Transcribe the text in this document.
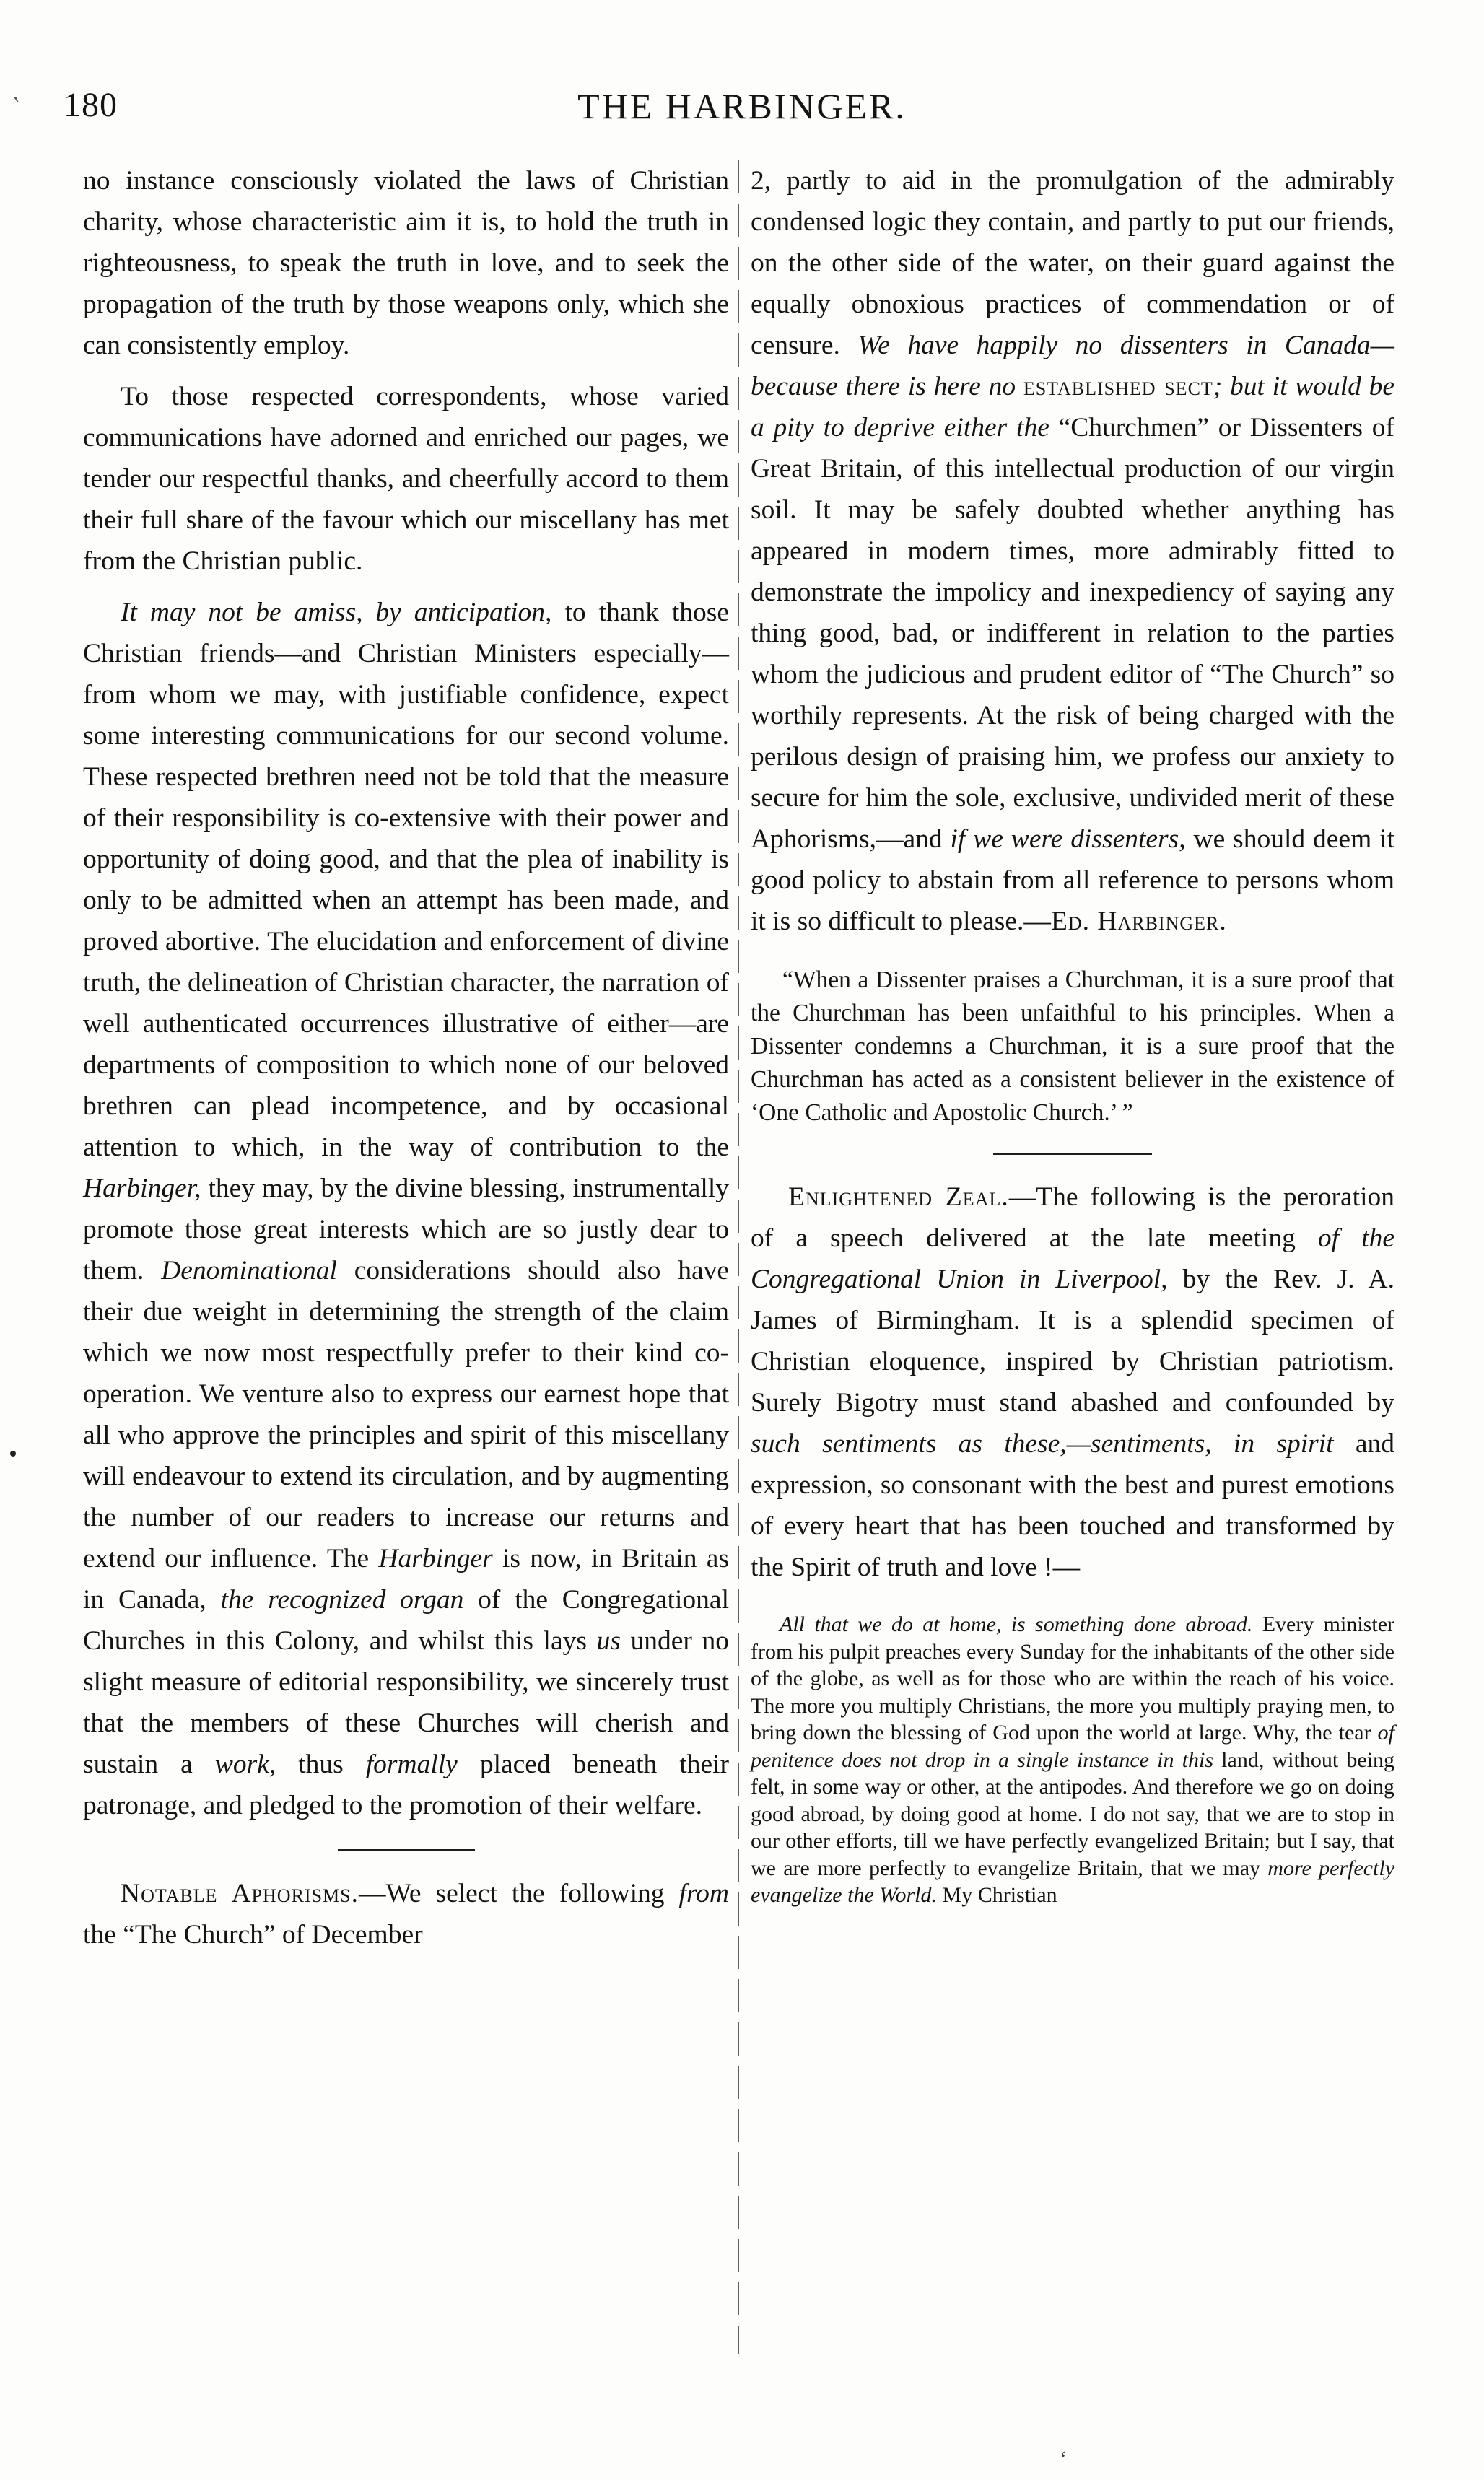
‵ 180	THE HARBINGER.

no instance consciously violated the laws of Christian charity, whose characteristic aim it is, to hold the truth in righteousness, to speak the truth in love, and to seek the propagation of the truth by those weapons only, which she can consistently employ.

To those respected correspondents, whose varied communications have adorned and enriched our pages, we tender our respectful thanks, and cheerfully accord to them their full share of the favour which our miscellany has met from the Christian public.

It may not be amiss, by anticipation, to thank those Christian friends—and Christian Ministers especially—from whom we may, with justifiable confidence, expect some interesting communications for our second volume. These respected brethren need not be told that the measure of their responsibility is co-extensive with their power and opportunity of doing good, and that the plea of inability is only to be admitted when an attempt has been made, and proved abortive. The elucidation and enforcement of divine truth, the delineation of Christian character, the narration of well authenticated occurrences illustrative of either—are departments of composition to which none of our beloved brethren can plead incompetence, and by occasional attention to which, in the way of contribution to the Harbinger, they may, by the divine blessing, instrumentally promote those great interests which are so justly dear to them. Denominational considerations should also have their due weight in determining the strength of the claim which we now most respectfully prefer to their kind co-operation. We venture also to express our earnest hope that all who approve the principles and spirit of this miscellany will endeavour to extend its circulation, and by augmenting the number of our readers to increase our returns and extend our influence. The Harbinger is now, in Britain as in Canada, the recognized organ of the Congregational Churches in this Colony, and whilst this lays us under no slight measure of editorial responsibility, we sincerely trust that the members of these Churches will cherish and sustain a work, thus formally placed beneath their patronage, and pledged to the promotion of their welfare.

Notable Aphorisms.—We select the following from the “The Church” of December

2, partly to aid in the promulgation of the admirably condensed logic they contain, and partly to put our friends, on the other side of the water, on their guard against the equally obnoxious practices of commendation or of censure. We have happily no dissenters in Canada—because there is here no established sect; but it would be a pity to deprive either the “Churchmen” or Dissenters of Great Britain, of this intellectual production of our virgin soil. It may be safely doubted whether anything has appeared in modern times, more admirably fitted to demonstrate the impolicy and inexpediency of saying any thing good, bad, or indifferent in relation to the parties whom the judicious and prudent editor of “The Church” so worthily represents. At the risk of being charged with the perilous design of praising him, we profess our anxiety to secure for him the sole, exclusive, undivided merit of these Aphorisms,—and if we were dissenters, we should deem it good policy to abstain from all reference to persons whom it is so difficult to please.—Ed. Harbinger.

“When a Dissenter praises a Churchman, it is a sure proof that the Churchman has been unfaithful to his principles. When a Dissenter condemns a Churchman, it is a sure proof that the Churchman has acted as a consistent believer in the existence of ‘One Catholic and Apostolic Church.’ ”

Enlightened Zeal.—The following is the peroration of a speech delivered at the late meeting of the Congregational Union in Liverpool, by the Rev. J. A. James of Birmingham. It is a splendid specimen of Christian eloquence, inspired by Christian patriotism. Surely Bigotry must stand abashed and confounded by such sentiments as these,—sentiments, in spirit and expression, so consonant with the best and purest emotions of every heart that has been touched and transformed by the Spirit of truth and love !—

All that we do at home, is something done abroad. Every minister from his pulpit preaches every Sunday for the inhabitants of the other side of the globe, as well as for those who are within the reach of his voice. The more you multiply Christians, the more you multiply praying men, to bring down the blessing of God upon the world at large. Why, the tear of penitence does not drop in a single instance in this land, without being felt, in some way or other, at the antipodes. And therefore we go on doing good abroad, by doing good at home. I do not say, that we are to stop in our other efforts, till we have perfectly evangelized Britain; but I say, that we are more perfectly to evangelize Britain, that we may more perfectly evangelize the World. My Christian

ʻ
